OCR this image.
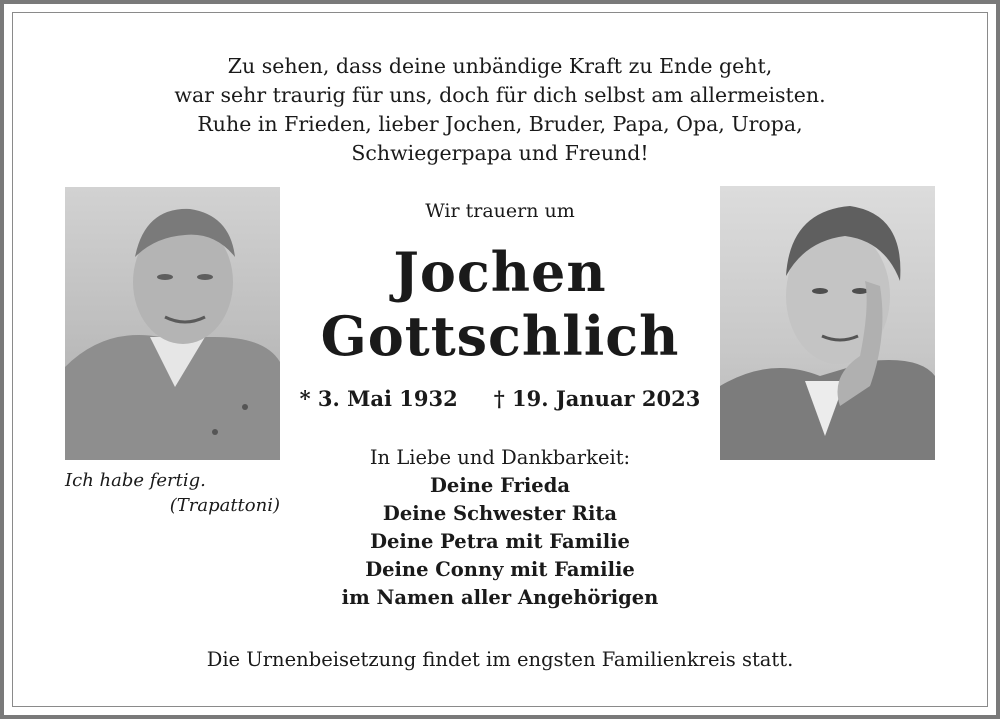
Zu sehen, dass deine unbändige Kraft zu Ende geht,
war sehr traurig für uns, doch für dich selbst am allermeisten.
Ruhe in Frieden, lieber Jochen, Bruder, Papa, Opa, Uropa,
Schwiegerpapa und Freund!
Ich habe fertig.
(Trapattoni)
Wir trauern um
Jochen
Gottschlich
* 3. Mai 1932 † 19. Januar 2023
In Liebe und Dankbarkeit:
Deine Frieda
Deine Schwester Rita
Deine Petra mit Familie
Deine Conny mit Familie
im Namen aller Angehörigen
Die Urnenbeisetzung findet im engsten Familienkreis statt.
